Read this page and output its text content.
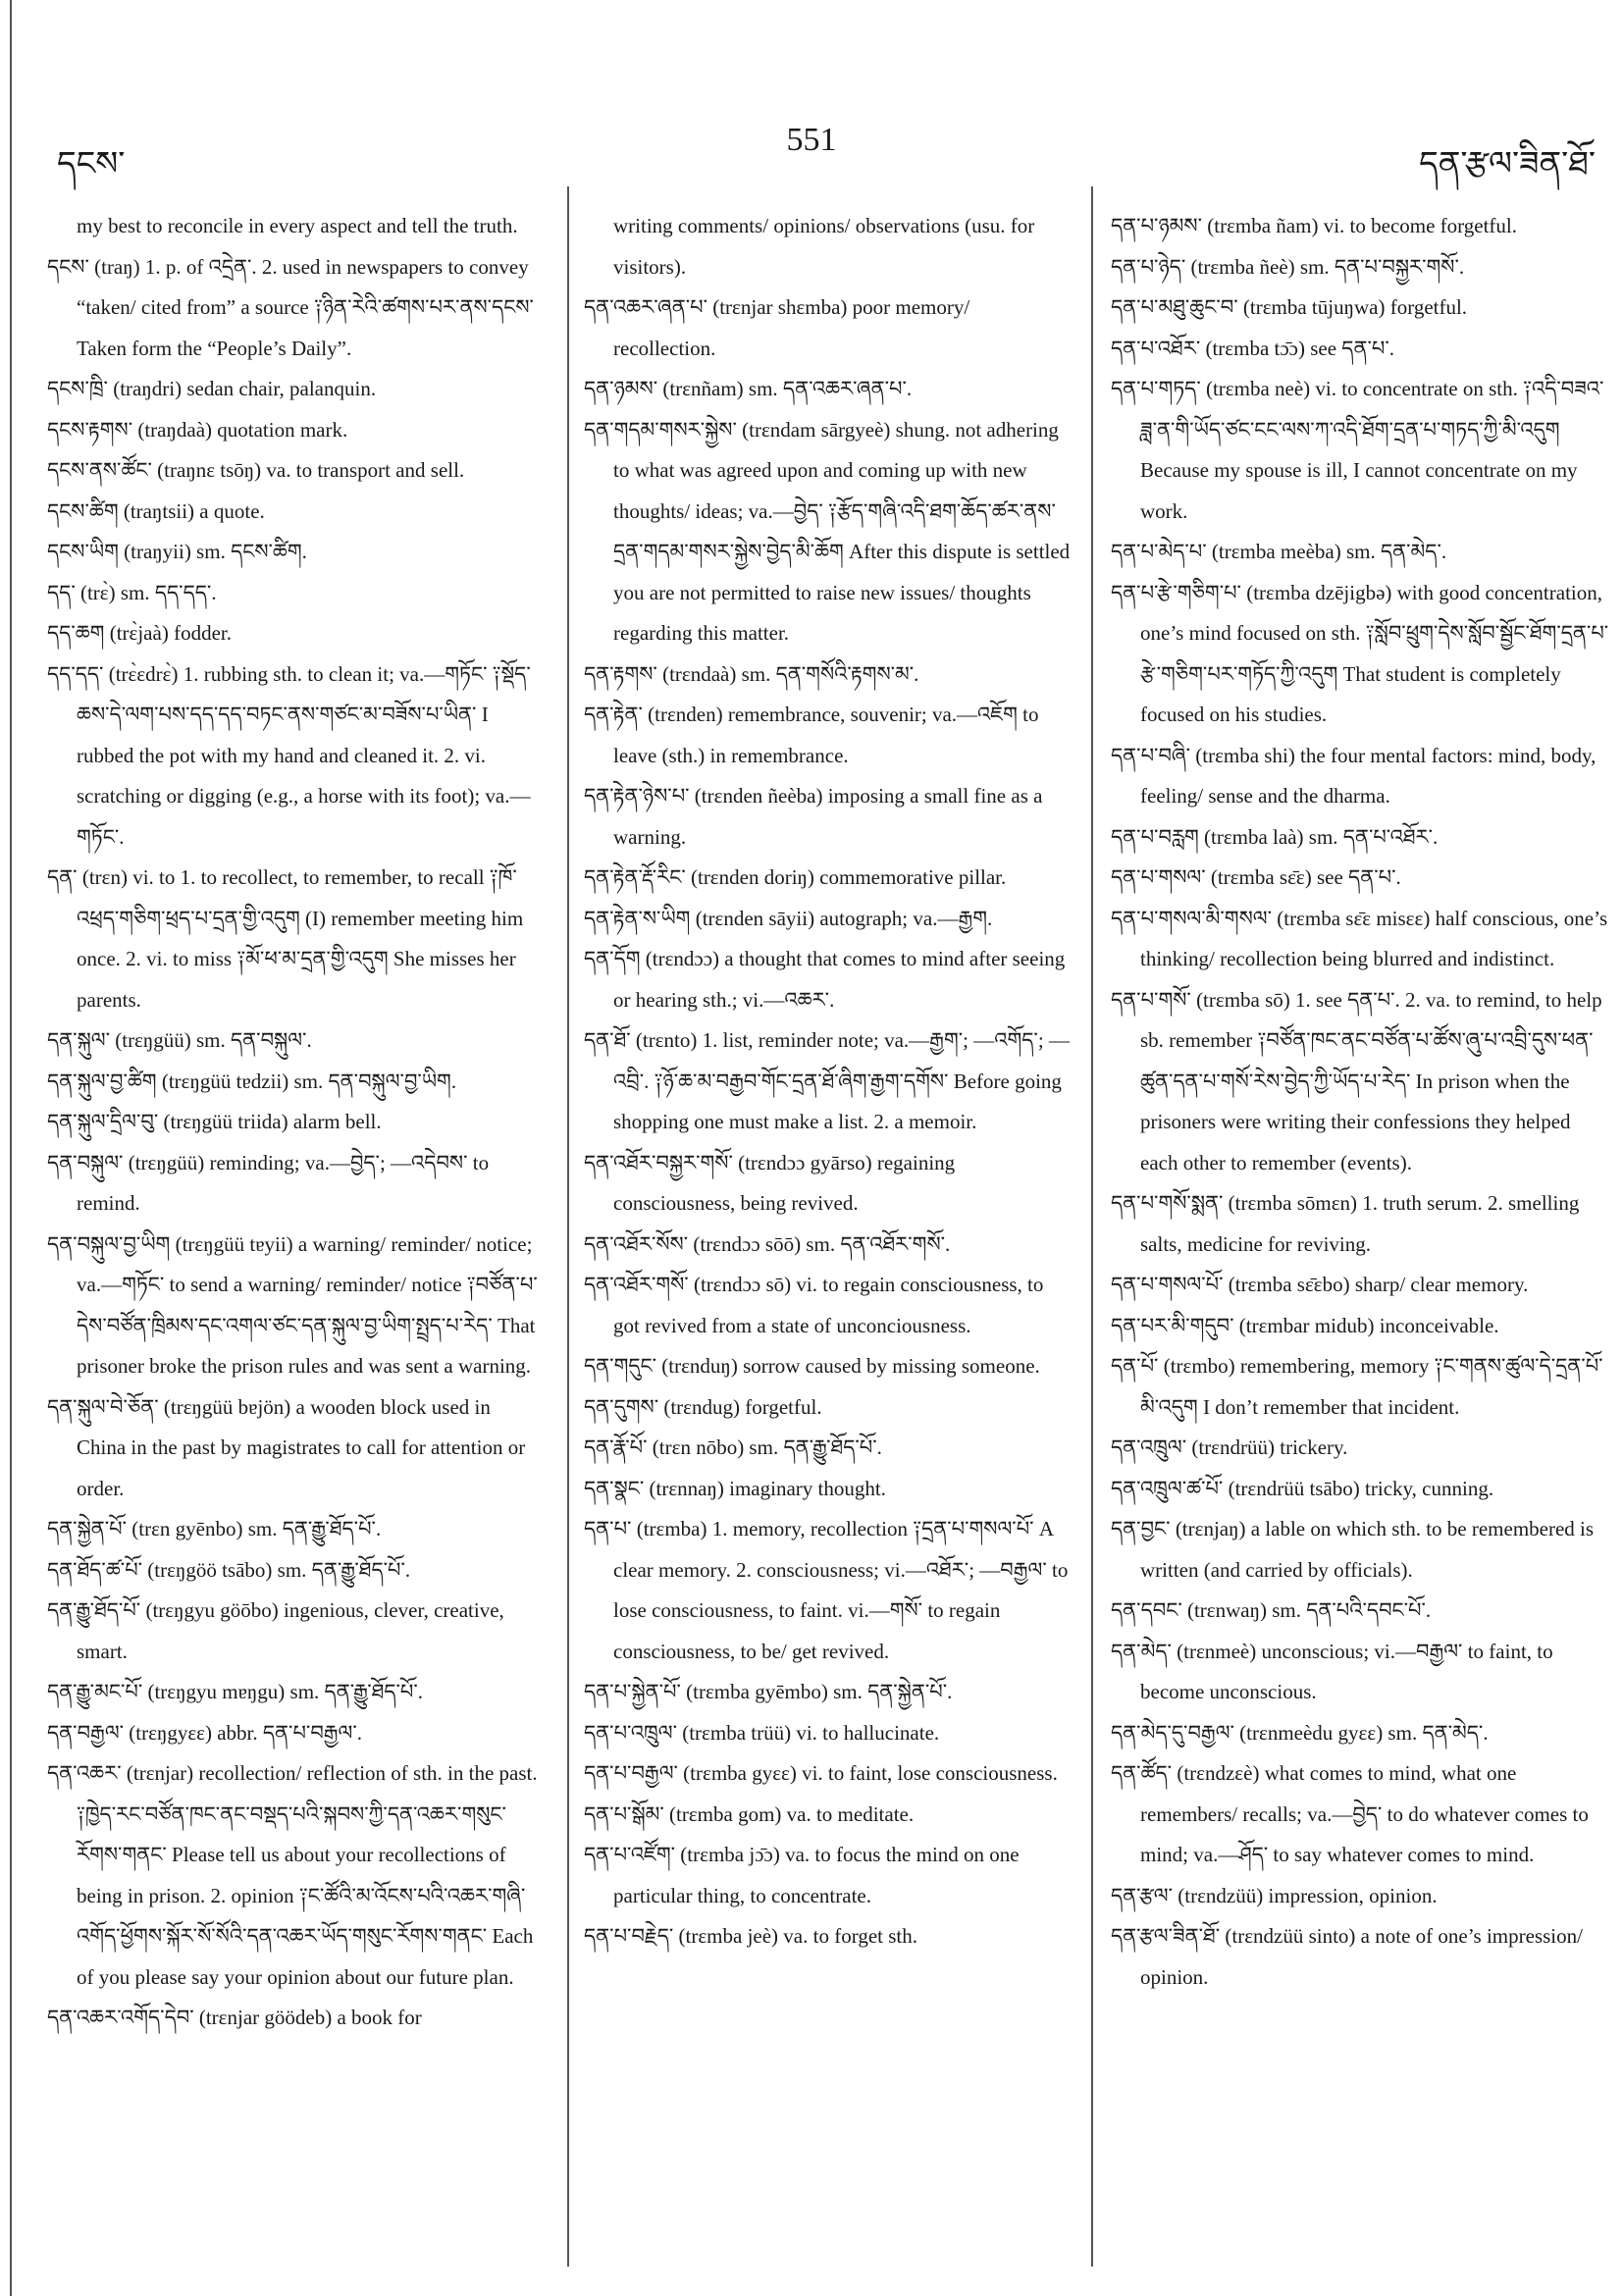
དངས་
551
དན་རྩལ་ཟིན་ཐོ་

my best to reconcile in every aspect and tell the truth.

དངས་ (traŋ) 1. p. of འདྲེན་. 2. used in newspapers to convey “taken/ cited from” a source ༑ཉིན་རེའི་ཚགས་པར་ནས་དངས་ Taken form the “People’s Daily”.

དངས་ཁྲི་ (traŋdri) sedan chair, palanquin.

དངས་རྟགས་ (traŋdaà) quotation mark.

དངས་ནས་ཚོང་ (traŋnɛ tsōŋ) va. to transport and sell.

དངས་ཚིག (traŋtsii) a quote.

དངས་ཡིག (traŋyii) sm. དངས་ཚིག.

དད་ (trɛ̀) sm. དད་དད་.

དད་ཆག (trɛ̀jaà) fodder.

དད་དད་ (trɛ̀ɛdrɛ̀) 1. rubbing sth. to clean it; va.—གཏོང་ ༑སྡོད་ཆས་དེ་ལག་པས་དད་དད་བཏང་ནས་གཙང་མ་བཟོས་པ་ཡིན་ I rubbed the pot with my hand and cleaned it. 2. vi. scratching or digging (e.g., a horse with its foot); va.—གཏོང་.

དན་ (trɛn) vi. to 1. to recollect, to remember, to recall ༑ཁོ་འཕྲད་གཅིག་ཕྲད་པ་དྲན་གྱི་འདུག (I) remember meeting him once. 2. vi. to miss ༑མོ་ཕ་མ་དྲན་གྱི་འདུག She misses her parents.

དན་སྐུལ་ (trɛŋgüü) sm. དན་བསྐུལ་.

དན་སྐུལ་བྱ་ཚིག (trɛŋgüü tɐdzii) sm. དན་བསྐུལ་བྱ་ཡིག.

དན་སྐུལ་དྲིལ་བུ་ (trɛŋgüü triida) alarm bell.

དན་བསྐུལ་ (trɛŋgüü) reminding; va.—བྱེད་; —འདེབས་ to remind.

དན་བསྐུལ་བྱ་ཡིག (trɛŋgüü tɐyii) a warning/ reminder/ notice; va.—གཏོང་ to send a warning/ reminder/ notice ༑བཙོན་པ་དེས་བཙོན་ཁྲིམས་དང་འགལ་ཙང་དན་སྐུལ་བྱ་ཡིག་སྤྲད་པ་རེད་ That prisoner broke the prison rules and was sent a warning.

དན་སྐུལ་བེ་ཅོན་ (trɛŋgüü bɐjön) a wooden block used in China in the past by magistrates to call for attention or order.

དན་སྐྱེན་པོ་ (trɛn gyēnbo) sm. དན་རྒྱུ་ཐོད་པོ་.

དན་ཐོད་ཚ་པོ་ (trɛŋgöö tsābo) sm. དན་རྒྱུ་ཐོད་པོ་.

དན་རྒྱུ་ཐོད་པོ་ (trɛŋgyu göōbo) ingenious, clever, creative, smart.

དན་རྒྱུ་མང་པོ་ (trɛŋgyu mɐŋgu) sm. དན་རྒྱུ་ཐོད་པོ་.

དན་བརྒྱལ་ (trɛŋgyɛɛ) abbr. དན་པ་བརྒྱལ་.

དན་འཆར་ (trɛnjar) recollection/ reflection of sth. in the past. ༑ཁྱེད་རང་བཙོན་ཁང་ནང་བསྡད་པའི་སྐབས་ཀྱི་དན་འཆར་གསུང་རོགས་གནང་ Please tell us about your recollections of being in prison. 2. opinion ༑ང་ཚོའི་མ་འོངས་པའི་འཆར་གཞི་འགོད་ཕྱོགས་སྐོར་སོ་སོའི་དན་འཆར་ཡོད་གསུང་རོགས་གནང་ Each of you please say your opinion about our future plan.

དན་འཆར་འགོད་དེབ་ (trɛnjar göödeb) a book for

writing comments/ opinions/ observations (usu. for visitors).

དན་འཆར་ཞན་པ་ (trɛnjar shɛmba) poor memory/ recollection.

དན་ཉམས་ (trɛnñam) sm. དན་འཆར་ཞན་པ་.

དན་གདམ་གསར་སྐྱེས་ (trɛndam sārgyeè) shung. not adhering to what was agreed upon and coming up with new thoughts/ ideas; va.—བྱེད་ ༑རྩོད་གཞི་འདི་ཐག་ཆོད་ཚར་ནས་དྲན་གདམ་གསར་སྐྱེས་བྱེད་མི་ཆོག After this dispute is settled you are not permitted to raise new issues/ thoughts regarding this matter.

དན་རྟགས་ (trɛndaà) sm. དན་གསོའི་རྟགས་མ་.

དན་རྟེན་ (trɛnden) remembrance, souvenir; va.—འཇོག to leave (sth.) in remembrance.

དན་རྟེན་ཉེས་པ་ (trɛnden ñeèba) imposing a small fine as a warning.

དན་རྟེན་རྡོ་རིང་ (trɛnden doriŋ) commemorative pillar.

དན་རྟེན་ས་ཡིག (trɛnden sāyii) autograph; va.—རྒྱག.

དན་དོག (trɛndɔɔ) a thought that comes to mind after seeing or hearing sth.; vi.—འཆར་.

དན་ཐོ་ (trɛnto) 1. list, reminder note; va.—རྒྱག་; —འགོད་; —འབྲི་. ༑ཉོ་ཆ་མ་བརྒྱབ་གོང་དྲན་ཐོ་ཞིག་རྒྱག་དགོས་ Before going shopping one must make a list. 2. a memoir.

དན་འཐོར་བསྐྱར་གསོ་ (trɛndɔɔ gyārso) regaining consciousness, being revived.

དན་འཐོར་སོས་ (trɛndɔɔ sōō) sm. དན་འཐོར་གསོ་.

དན་འཐོར་གསོ་ (trɛndɔɔ sō) vi. to regain consciousness, to got revived from a state of unconciousness.

དན་གདུང་ (trɛnduŋ) sorrow caused by missing someone.

དན་དུགས་ (trɛndug) forgetful.

དན་རྣོ་པོ་ (trɛn nōbo) sm. དན་རྒྱུ་ཐོད་པོ་.

དན་སྣང་ (trɛnnaŋ) imaginary thought.

དན་པ་ (trɛmba) 1. memory, recollection ༑དྲན་པ་གསལ་པོ་ A clear memory. 2. consciousness; vi.—འཐོར་; —བརྒྱལ་ to lose consciousness, to faint. vi.—གསོ་ to regain consciousness, to be/ get revived.

དན་པ་སྐྱེན་པོ་ (trɛmba gyēmbo) sm. དན་སྐྱེན་པོ་.

དན་པ་འཁྲུལ་ (trɛmba trüü) vi. to hallucinate.

དན་པ་བརྒྱལ་ (trɛmba gyɛɛ) vi. to faint, lose consciousness.

དན་པ་སྒོམ་ (trɛmba gom) va. to meditate.

དན་པ་འཛོག་ (trɛmba jɔ̄ɔ) va. to focus the mind on one particular thing, to concentrate.

དན་པ་བརྗེད་ (trɛmba jeè) va. to forget sth.

དན་པ་ཉམས་ (trɛmba ñam) vi. to become forgetful.

དན་པ་ཉེད་ (trɛmba ñeè) sm. དན་པ་བསྐྱར་གསོ་.

དན་པ་མཐུ་ཆུང་བ་ (trɛmba tūjuŋwa) forgetful.

དན་པ་འཐོར་ (trɛmba tɔ̄ɔ) see དན་པ་.

དན་པ་གཏད་ (trɛmba neè) vi. to concentrate on sth. ༑འདི་བཟའ་ཟླ་ན་གི་ཡོད་ཙང་ངང་ལས་ཀ་འདི་ཐོག་དྲན་པ་གཏད་ཀྱི་མི་འདུག Because my spouse is ill, I cannot concentrate on my work.

དན་པ་མེད་པ་ (trɛmba meèba) sm. དན་མེད་.

དན་པ་རྩེ་གཅིག་པ་ (trɛmba dzējigbə) with good concentration, one’s mind focused on sth. ༑སློབ་ཕྲུག་དེས་སློབ་སྦྱོང་ཐོག་དྲན་པ་རྩེ་གཅིག་པར་གཏོད་ཀྱི་འདུག That student is completely focused on his studies.

དན་པ་བཞི་ (trɛmba shi) the four mental factors: mind, body, feeling/ sense and the dharma.

དན་པ་བརླག (trɛmba laà) sm. དན་པ་འཐོར་.

དན་པ་གསལ་ (trɛmba sɛ̄ɛ) see དན་པ་.

དན་པ་གསལ་མི་གསལ་ (trɛmba sɛ̄ɛ misɛɛ) half conscious, one’s thinking/ recollection being blurred and indistinct.

དན་པ་གསོ་ (trɛmba sō) 1. see དན་པ་. 2. va. to remind, to help sb. remember ༑བཙོན་ཁང་ནང་བཙོན་པ་ཚོས་ཞུ་པ་འབྲི་དུས་ཕན་ཚུན་དན་པ་གསོ་རེས་བྱེད་ཀྱི་ཡོད་པ་རེད་ In prison when the prisoners were writing their confessions they helped each other to remember (events).

དན་པ་གསོ་སྨན་ (trɛmba sōmɛn) 1. truth serum. 2. smelling salts, medicine for reviving.

དན་པ་གསལ་པོ་ (trɛmba sɛ̄ɛbo) sharp/ clear memory.

དན་པར་མི་གདུབ་ (trɛmbar midub) inconceivable.

དན་པོ་ (trɛmbo) remembering, memory ༑ང་གནས་ཚུལ་དེ་དྲན་པོ་མི་འདུག I don’t remember that incident.

དན་འཁྲུལ་ (trɛndrüü) trickery.

དན་འཁྲུལ་ཚ་པོ་ (trɛndrüü tsābo) tricky, cunning.

དན་བྱང་ (trɛnjaŋ) a lable on which sth. to be remembered is written (and carried by officials).

དན་དབང་ (trɛnwaŋ) sm. དན་པའི་དབང་པོ་.

དན་མེད་ (trɛnmeè) unconscious; vi.—བརྒྱལ་ to faint, to become unconscious.

དན་མེད་དུ་བརྒྱལ་ (trɛnmeèdu gyɛɛ) sm. དན་མེད་.

དན་ཚོད་ (trɛndzɛè) what comes to mind, what one remembers/ recalls; va.—བྱེད་ to do whatever comes to mind; va.—ཤོད་ to say whatever comes to mind.

དན་རྩལ་ (trɛndzüü) impression, opinion.

དན་རྩལ་ཟིན་ཐོ་ (trɛndzüü sinto) a note of one’s impression/ opinion.
